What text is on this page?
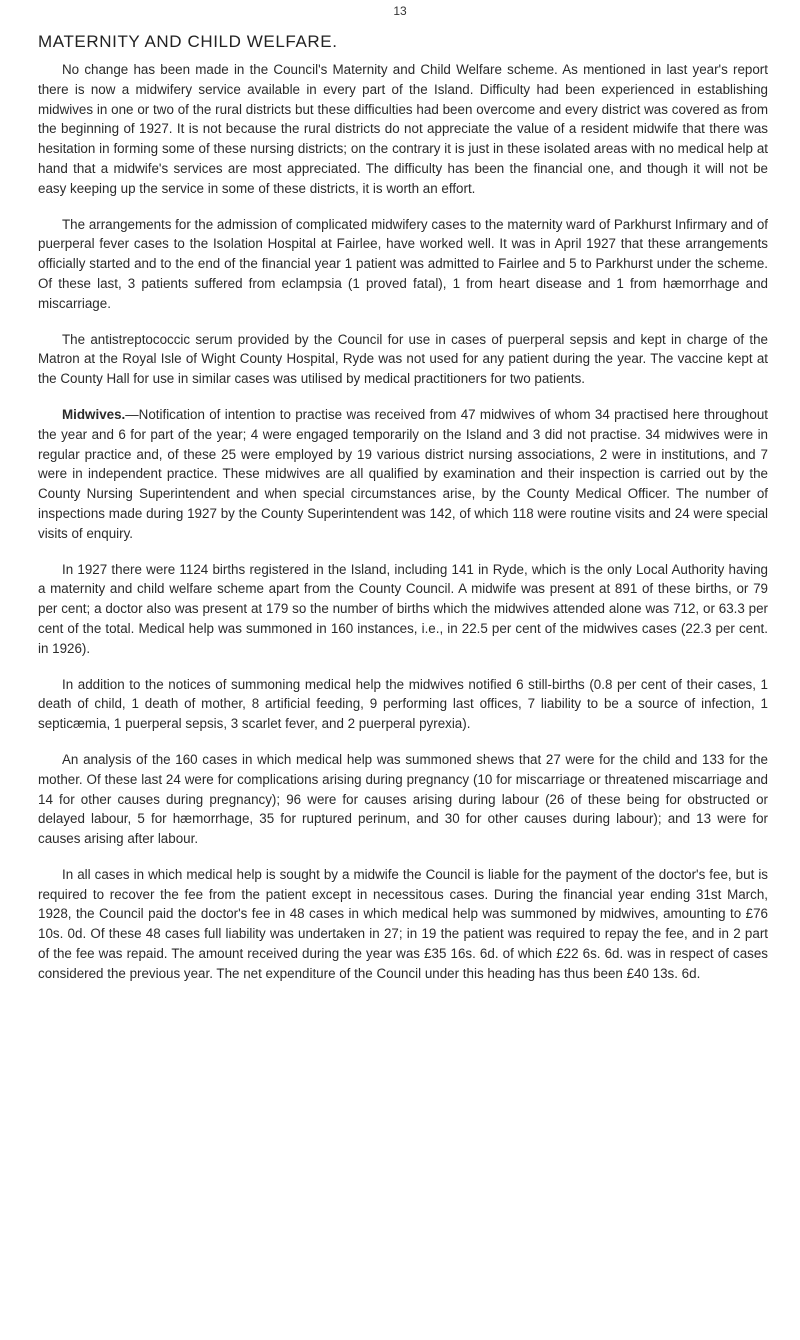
13
MATERNITY AND CHILD WELFARE.

No change has been made in the Council's Maternity and Child Welfare scheme. As mentioned in last year's report there is now a midwifery service available in every part of the Island. Difficulty had been experienced in establishing midwives in one or two of the rural districts but these difficulties had been overcome and every district was covered as from the beginning of 1927. It is not because the rural districts do not appreciate the value of a resident midwife that there was hesitation in forming some of these nursing districts; on the contrary it is just in these isolated areas with no medical help at hand that a midwife's services are most appreciated. The difficulty has been the financial one, and though it will not be easy keeping up the service in some of these districts, it is worth an effort.

The arrangements for the admission of complicated midwifery cases to the maternity ward of Parkhurst Infirmary and of puerperal fever cases to the Isolation Hospital at Fairlee, have worked well. It was in April 1927 that these arrangements officially started and to the end of the financial year 1 patient was admitted to Fairlee and 5 to Parkhurst under the scheme. Of these last, 3 patients suffered from eclampsia (1 proved fatal), 1 from heart disease and 1 from hæmorrhage and miscarriage.

The antistreptococcic serum provided by the Council for use in cases of puerperal sepsis and kept in charge of the Matron at the Royal Isle of Wight County Hospital, Ryde was not used for any patient during the year. The vaccine kept at the County Hall for use in similar cases was utilised by medical practitioners for two patients.

Midwives.—Notification of intention to practise was received from 47 midwives of whom 34 practised here throughout the year and 6 for part of the year; 4 were engaged temporarily on the Island and 3 did not practise. 34 midwives were in regular practice and, of these 25 were employed by 19 various district nursing associations, 2 were in institutions, and 7 were in independent practice. These midwives are all qualified by examination and their inspection is carried out by the County Nursing Superintendent and when special circumstances arise, by the County Medical Officer. The number of inspections made during 1927 by the County Superintendent was 142, of which 118 were routine visits and 24 were special visits of enquiry.

In 1927 there were 1124 births registered in the Island, including 141 in Ryde, which is the only Local Authority having a maternity and child welfare scheme apart from the County Council. A midwife was present at 891 of these births, or 79 per cent; a doctor also was present at 179 so the number of births which the midwives attended alone was 712, or 63.3 per cent of the total. Medical help was summoned in 160 instances, i.e., in 22.5 per cent of the midwives cases (22.3 per cent. in 1926).

In addition to the notices of summoning medical help the midwives notified 6 still-births (0.8 per cent of their cases, 1 death of child, 1 death of mother, 8 artificial feeding, 9 performing last offices, 7 liability to be a source of infection, 1 septicæmia, 1 puerperal sepsis, 3 scarlet fever, and 2 puerperal pyrexia).

An analysis of the 160 cases in which medical help was summoned shews that 27 were for the child and 133 for the mother. Of these last 24 were for complications arising during pregnancy (10 for miscarriage or threatened miscarriage and 14 for other causes during pregnancy); 96 were for causes arising during labour (26 of these being for obstructed or delayed labour, 5 for hæmorrhage, 35 for ruptured perinum, and 30 for other causes during labour); and 13 were for causes arising after labour.

In all cases in which medical help is sought by a midwife the Council is liable for the payment of the doctor's fee, but is required to recover the fee from the patient except in necessitous cases. During the financial year ending 31st March, 1928, the Council paid the doctor's fee in 48 cases in which medical help was summoned by midwives, amounting to £76 10s. 0d. Of these 48 cases full liability was undertaken in 27; in 19 the patient was required to repay the fee, and in 2 part of the fee was repaid. The amount received during the year was £35 16s. 6d. of which £22 6s. 6d. was in respect of cases considered the previous year. The net expenditure of the Council under this heading has thus been £40 13s. 6d.
